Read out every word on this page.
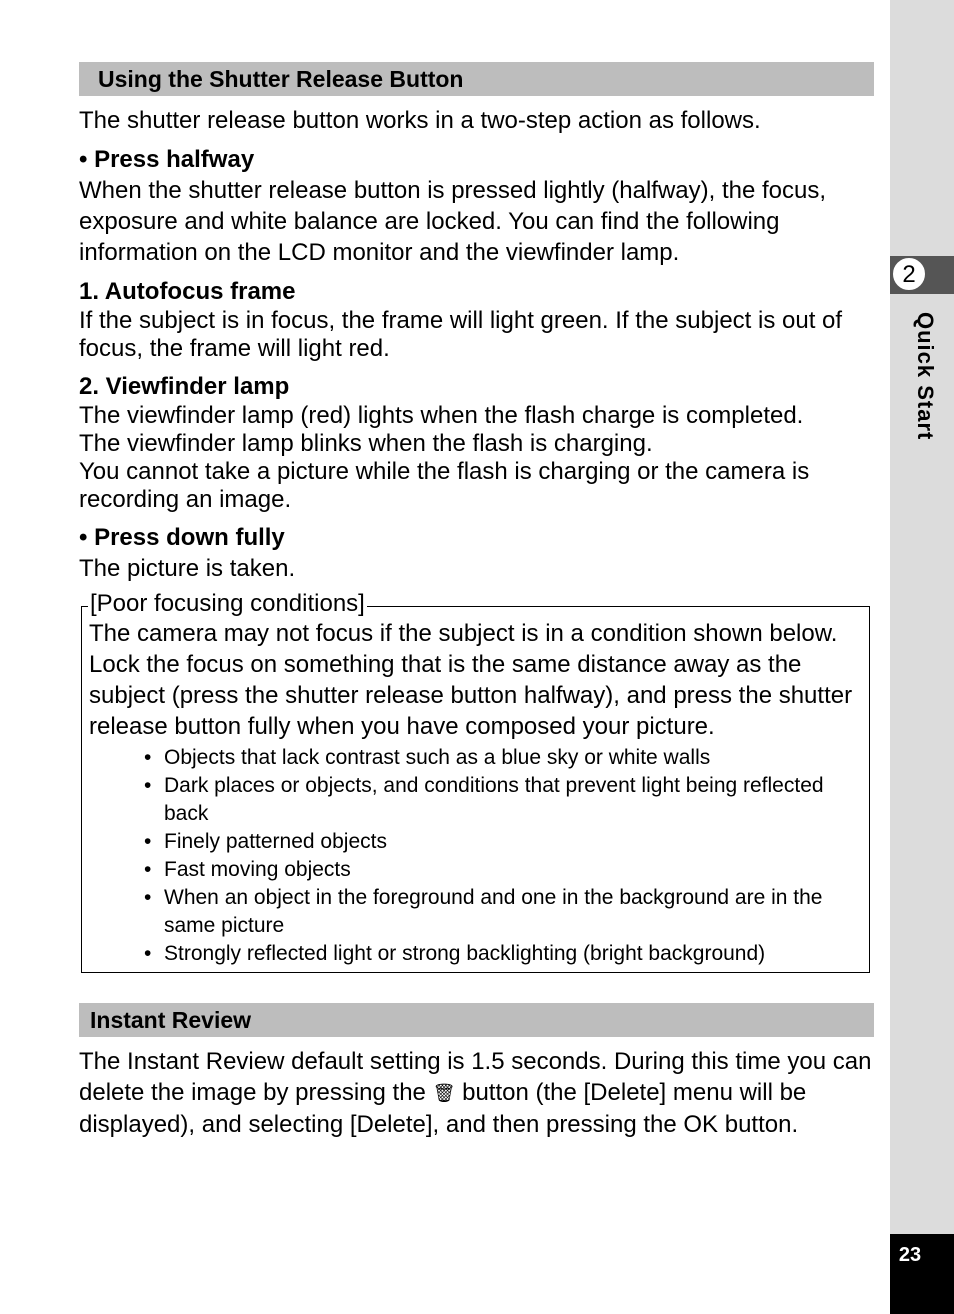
2
Quick Start
23
Using the Shutter Release Button

The shutter release button works in a two-step action as follows.

• Press halfway

When the shutter release button is pressed lightly (halfway), the focus, exposure and white balance are locked. You can find the following information on the LCD monitor and the viewfinder lamp.

1. Autofocus frame

If the subject is in focus, the frame will light green. If the subject is out of focus, the frame will light red.

2. Viewfinder lamp

The viewfinder lamp (red) lights when the flash charge is completed.

The viewfinder lamp blinks when the flash is charging.

You cannot take a picture while the flash is charging or the camera is recording an image.

• Press down fully

The picture is taken.

[Poor focusing conditions]

The camera may not focus if the subject is in a condition shown below. Lock the focus on something that is the same distance away as the subject (press the shutter release button halfway), and press the shutter release button fully when you have composed your picture.

• Objects that lack contrast such as a blue sky or white walls
• Dark places or objects, and conditions that prevent light being reflected back
• Finely patterned objects
• Fast moving objects
• When an object in the foreground and one in the background are in the same picture
• Strongly reflected light or strong backlighting (bright background)
Instant Review

The Instant Review default setting is 1.5 seconds. During this time you can delete the image by pressing the 🗑 button (the [Delete] menu will be displayed), and selecting [Delete], and then pressing the OK button.
